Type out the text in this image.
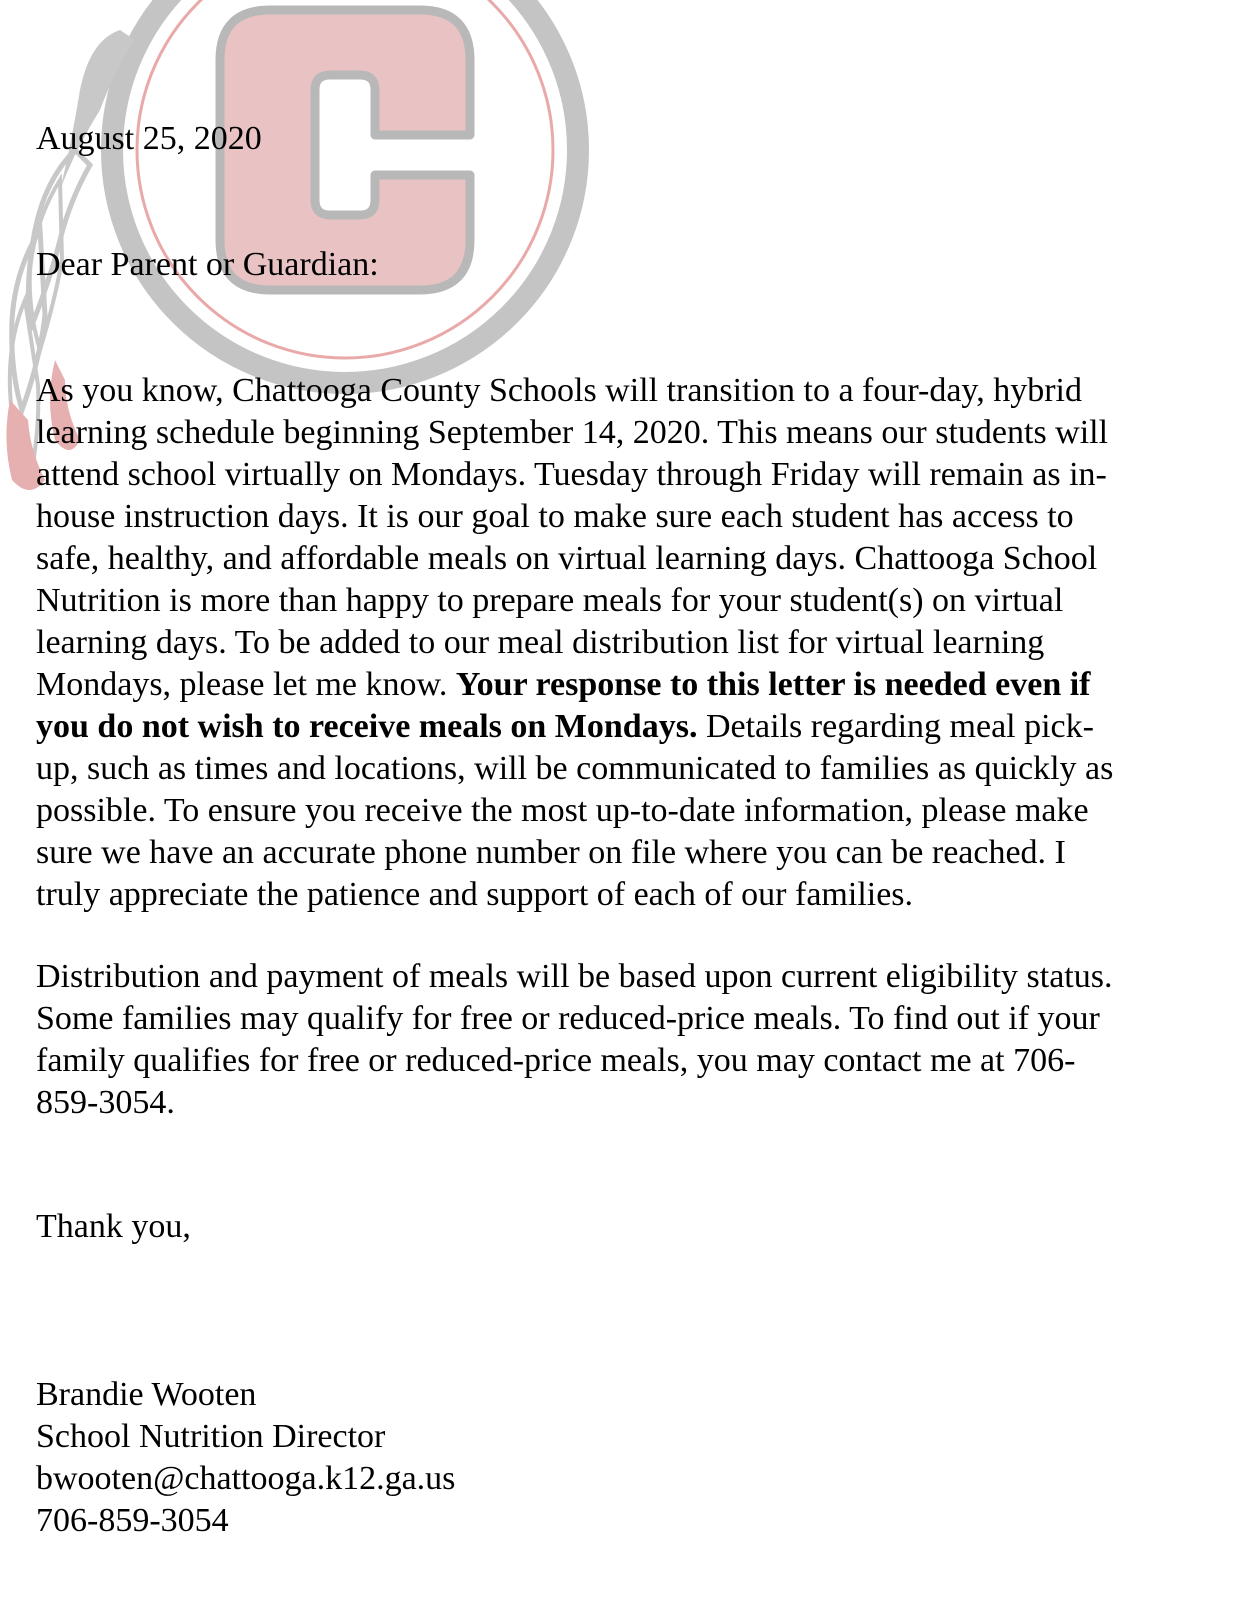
August 25, 2020
Dear Parent or Guardian:
As you know, Chattooga County Schools will transition to a four-day, hybrid
learning schedule beginning September 14, 2020. This means our students will
attend school virtually on Mondays. Tuesday through Friday will remain as in-
house instruction days. It is our goal to make sure each student has access to
safe, healthy, and affordable meals on virtual learning days. Chattooga School
Nutrition is more than happy to prepare meals for your student(s) on virtual
learning days. To be added to our meal distribution list for virtual learning
Mondays, please let me know. Your response to this letter is needed even if
you do not wish to receive meals on Mondays. Details regarding meal pick-
up, such as times and locations, will be communicated to families as quickly as
possible. To ensure you receive the most up-to-date information, please make
sure we have an accurate phone number on file where you can be reached. I
truly appreciate the patience and support of each of our families.
Distribution and payment of meals will be based upon current eligibility status.
Some families may qualify for free or reduced-price meals. To find out if your
family qualifies for free or reduced-price meals, you may contact me at 706-
859-3054.
Thank you,
Brandie Wooten
School Nutrition Director
bwooten@chattooga.k12.ga.us
706-859-3054
